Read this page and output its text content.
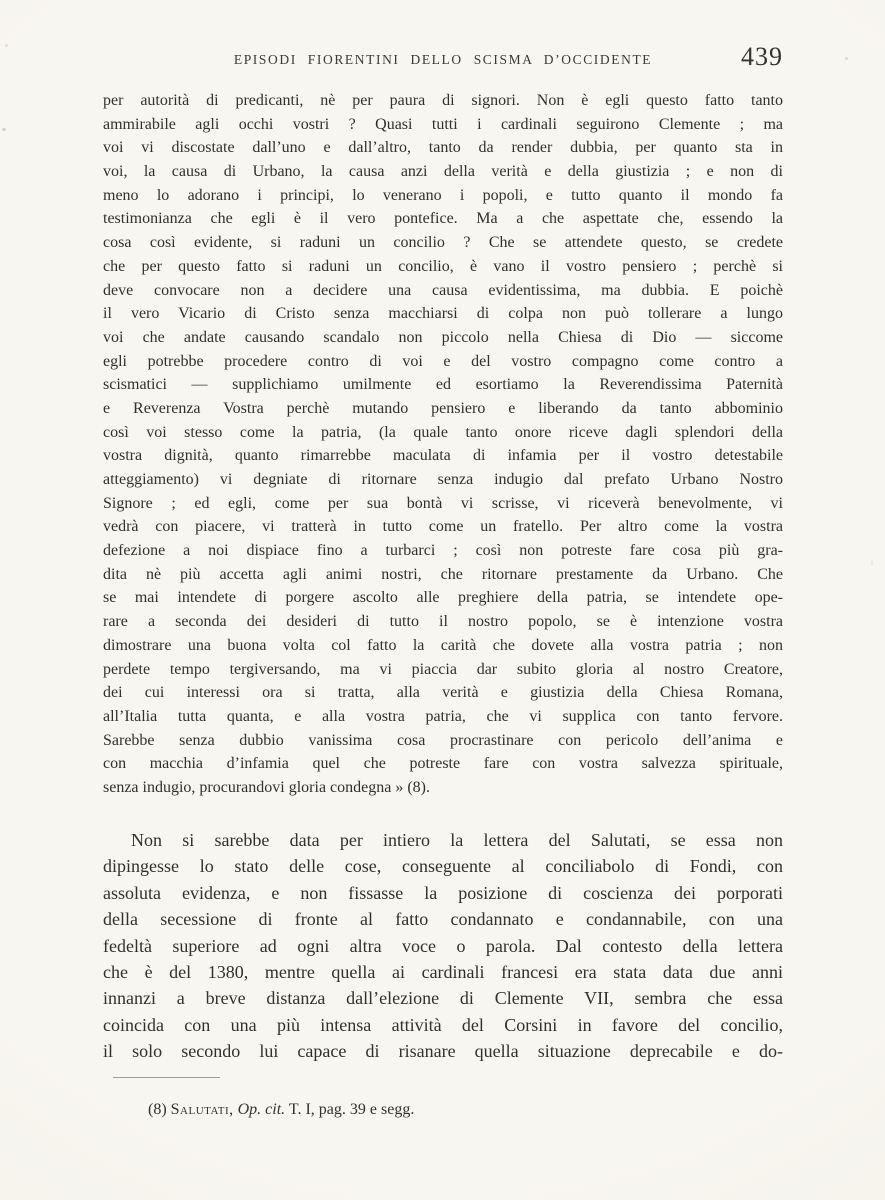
EPISODI FIORENTINI DELLO SCISMA D’OCCIDENTE	439
per autorità di predicanti, nè per paura di signori. Non è egli questo fatto tanto
ammirabile agli occhi vostri ? Quasi tutti i cardinali seguirono Clemente ; ma
voi vi discostate dall’uno e dall’altro, tanto da render dubbia, per quanto sta in
voi, la causa di Urbano, la causa anzi della verità e della giustizia ; e non di
meno lo adorano i principi, lo venerano i popoli, e tutto quanto il mondo fa
testimonianza che egli è il vero pontefice. Ma a che aspettate che, essendo la
cosa così evidente, si raduni un concilio ? Che se attendete questo, se credete
che per questo fatto si raduni un concilio, è vano il vostro pensiero ; perchè si
deve convocare non a decidere una causa evidentissima, ma dubbia. E poichè
il vero Vicario di Cristo senza macchiarsi di colpa non può tollerare a lungo
voi che andate causando scandalo non piccolo nella Chiesa di Dio — siccome
egli potrebbe procedere contro di voi e del vostro compagno come contro a
scismatici — supplichiamo umilmente ed esortiamo la Reverendissima Paternità
e Reverenza Vostra perchè mutando pensiero e liberando da tanto abbominio
così voi stesso come la patria, (la quale tanto onore riceve dagli splendori della
vostra dignità, quanto rimarrebbe maculata di infamia per il vostro detestabile
atteggiamento) vi degniate di ritornare senza indugio dal prefato Urbano Nostro
Signore ; ed egli, come per sua bontà vi scrisse, vi riceverà benevolmente, vi
vedrà con piacere, vi tratterà in tutto come un fratello. Per altro come la vostra
defezione a noi dispiace fino a turbarci ; così non potreste fare cosa più gra-
dita nè più accetta agli animi nostri, che ritornare prestamente da Urbano. Che
se mai intendete di porgere ascolto alle preghiere della patria, se intendete ope-
rare a seconda dei desideri di tutto il nostro popolo, se è intenzione vostra
dimostrare una buona volta col fatto la carità che dovete alla vostra patria ; non
perdete tempo tergiversando, ma vi piaccia dar subito gloria al nostro Creatore,
dei cui interessi ora si tratta, alla verità e giustizia della Chiesa Romana,
all’Italia tutta quanta, e alla vostra patria, che vi supplica con tanto fervore.
Sarebbe senza dubbio vanissima cosa procrastinare con pericolo dell’anima e
con macchia d’infamia quel che potreste fare con vostra salvezza spirituale,
senza indugio, procurandovi gloria condegna » (8).
Non si sarebbe data per intiero la lettera del Salutati, se essa non
dipingesse lo stato delle cose, conseguente al conciliabolo di Fondi, con
assoluta evidenza, e non fissasse la posizione di coscienza dei porporati
della secessione di fronte al fatto condannato e condannabile, con una
fedeltà superiore ad ogni altra voce o parola. Dal contesto della lettera
che è del 1380, mentre quella ai cardinali francesi era stata data due anni
innanzi a breve distanza dall’elezione di Clemente VII, sembra che essa
coincida con una più intensa attività del Corsini in favore del concilio,
il solo secondo lui capace di risanare quella situazione deprecabile e do-
(8) Salutati, Op. cit. T. I, pag. 39 e segg.
